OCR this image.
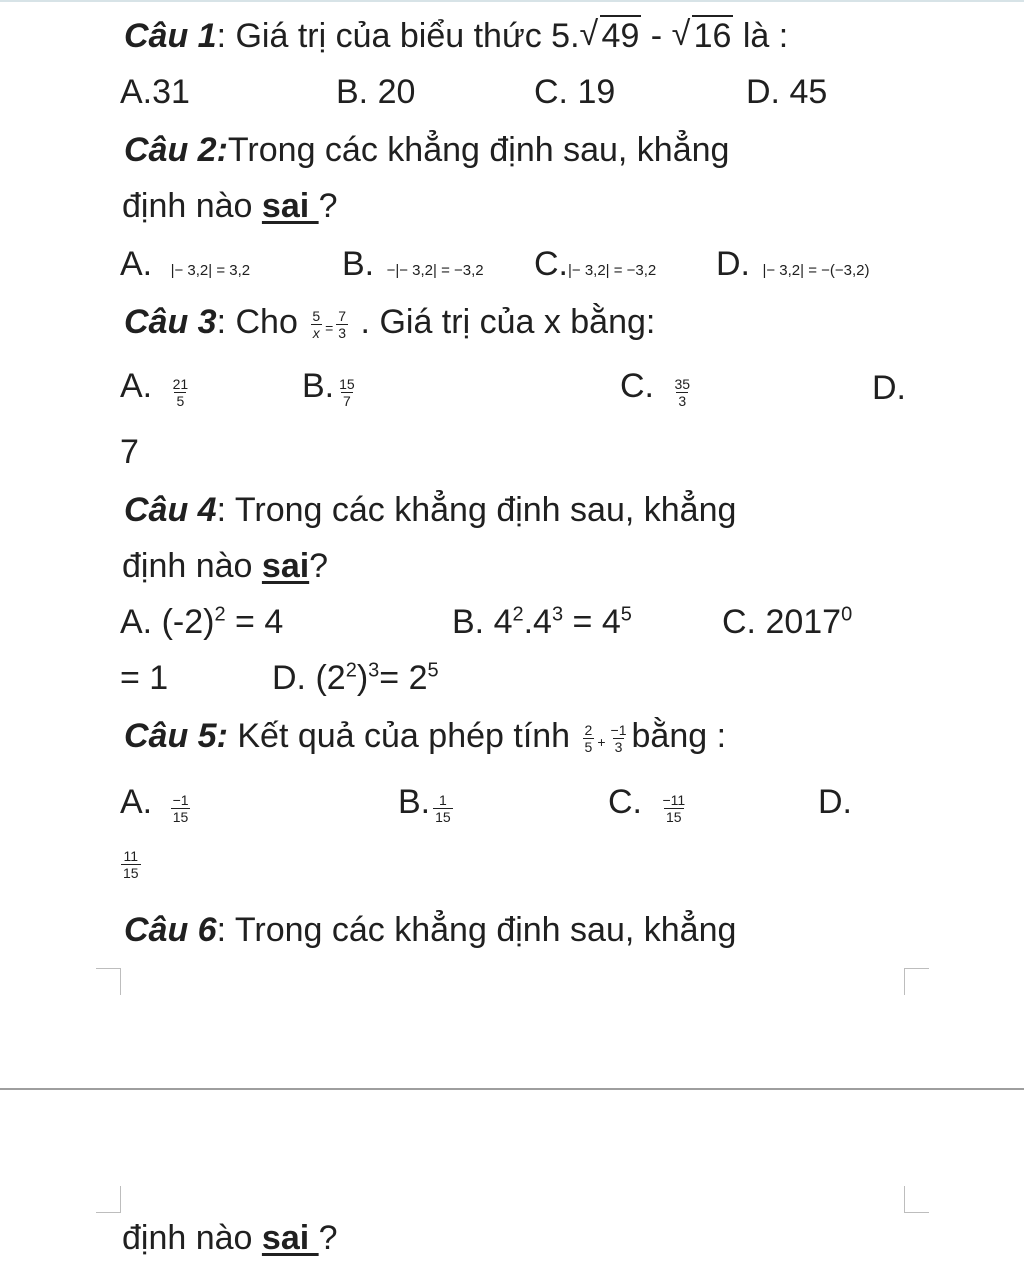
Câu 1: Giá trị của biểu thức 5. √ 49 - √ 16 là :
A.31	B. 20	C. 19	D. 45
Câu 2:Trong các khẳng định sau, khẳng
định nào sai ?
A. |− 3,2| = 3,2	B. −|− 3,2| = −3,2 C.|− 3,2| = −3,2 D. |− 3,2| = −(−3,2)
Câu 3: Cho $\frac{5}{x} = \frac{7}{3}$ . Giá trị của x bằng:
A. $\frac{21}{5}$	B. $\frac{15}{7}$	C. $\frac{35}{3}$	D.
7
Câu 4: Trong các khẳng định sau, khẳng
định nào sai?
A. $(-2)^2 = 4$	B. $4^2.4^3 = 4^5$	C. $2017^0$
= 1	D. $(2^2)^3= 2^5$
Câu 5: Kết quả của phép tính $\frac{2}{5} + \frac{-1}{3}$ bằng :
A. $\frac{-1}{15}$	B. $\frac{1}{15}$	C. $\frac{-11}{15}$	D.
$\frac{11}{15}$
Câu 6: Trong các khẳng định sau, khẳng
định nào sai ?
